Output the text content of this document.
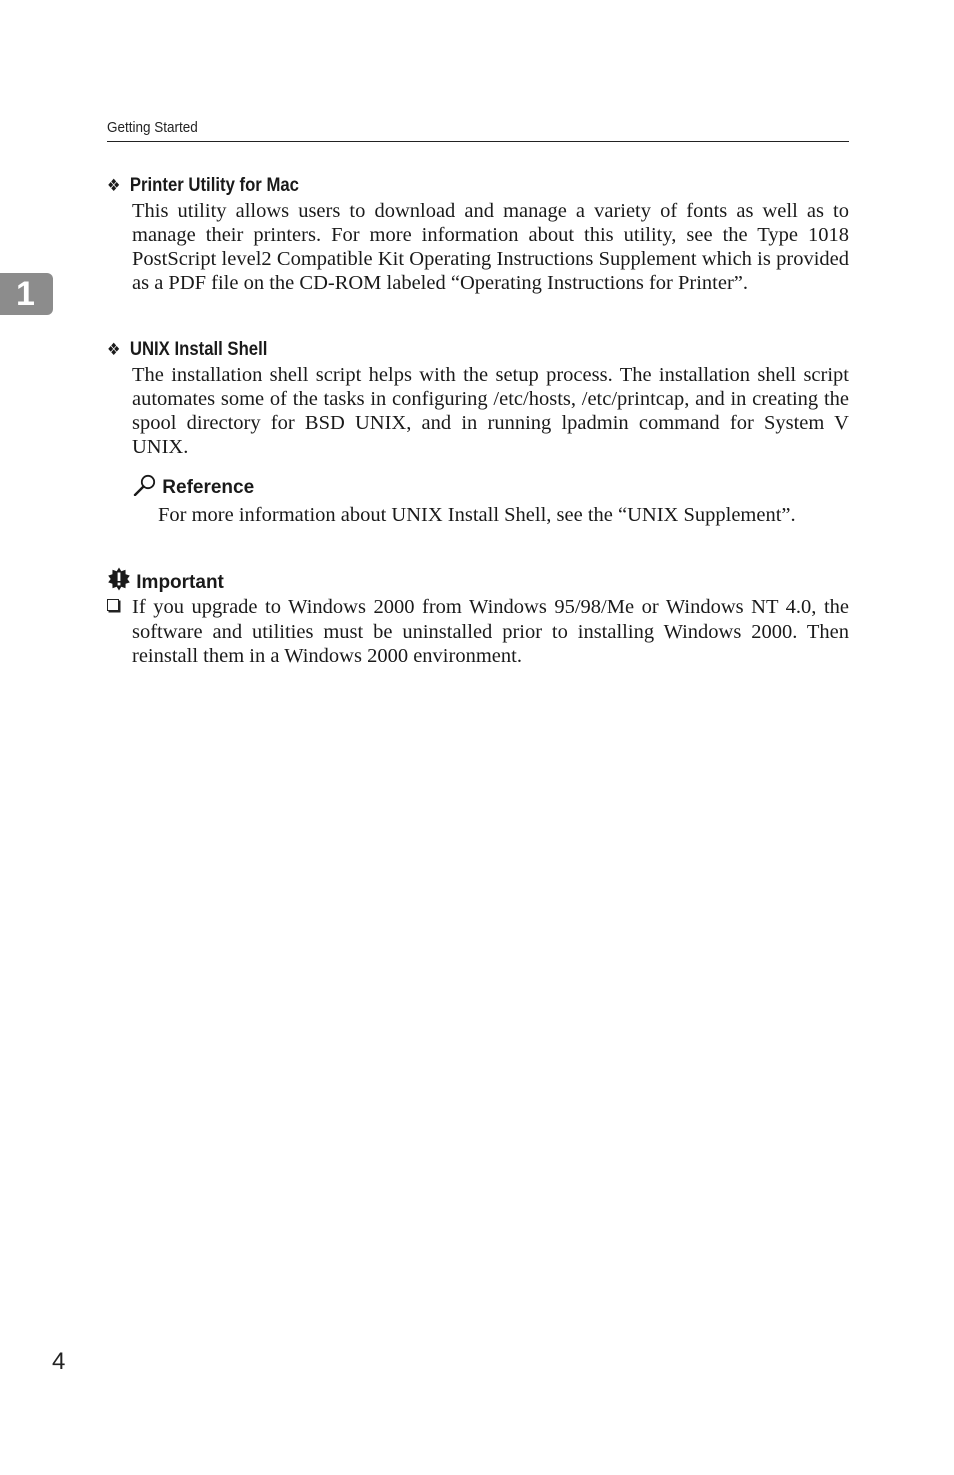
Getting Started
1
❖ Printer Utility for Mac
This utility allows users to download and manage a variety of fonts as well as to manage their printers. For more information about this utility, see the Type 1018 PostScript level2 Compatible Kit Operating Instructions Supplement which is provided as a PDF file on the CD-ROM labeled “Operating Instructions for Printer”.
❖ UNIX Install Shell
The installation shell script helps with the setup process. The installation shell script automates some of the tasks in configuring /etc/hosts, /etc/printcap, and in creating the spool directory for BSD UNIX, and in running lpadmin command for System V UNIX.
Reference
For more information about UNIX Install Shell, see the “UNIX Supplement”.
Important
If you upgrade to Windows 2000 from Windows 95/98/Me or Windows NT 4.0, the software and utilities must be uninstalled prior to installing Windows 2000. Then reinstall them in a Windows 2000 environment.
4
